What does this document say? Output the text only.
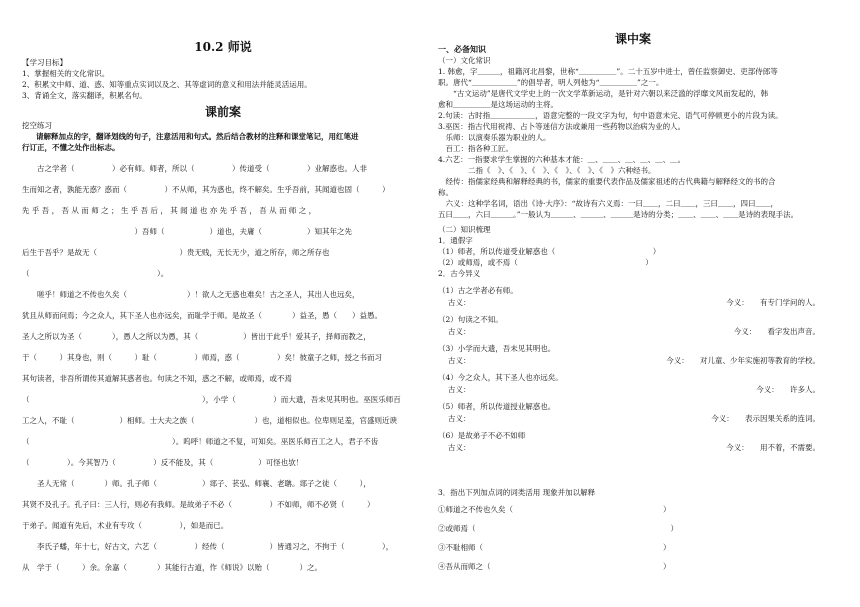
10.2 师说
【学习目标】
1、掌握相关的文化常识。
2、积累文中师、道、惑、知等重点实词以及之、其等虚词的意义和用法并能灵活运用。
3、背诵全文，落实翻译，积累名句。
课前案
挖空练习
请解释加点的字，翻译划线的句子，注意活用和句式。然后结合教材的注释和课堂笔记，用红笔进
行订正，不懂之处作出标志。
　　古之学者（　　　　　）必有师。师者，所以（　　　　　）传道受（　　　　　）业解惑也。人非
生而知之者，孰能无惑？惑而（　　　　　）不从师，其为惑也，终不解矣。生乎吾前，其闻道也固（　　　）
先 乎 吾 ， 吾 从 而 师 之 ； 生 乎 吾 后 ， 其 闻 道 也 亦 先 乎 吾 ， 吾 从 而 师 之 ，
　　　　　　　　　　　　　　　）吾师（　　　　　　）道也，夫庸（　　　　　　）知其年之先
后生于吾乎？是故无（　　　　　　　　　　　）贵无贱，无长无少，道之所存，师之所存也
（　　　　　　　　　　　　　　　　　）。
　　嗟乎！师道之不传也久矣（　　　　　　　　）！欲人之无惑也难矣！古之圣人，其出人也远矣，
犹且从师而问焉；今之众人，其下圣人也亦远矣，而耻学于师。是故圣（　　　　）益圣，愚（　　）益愚。
圣人之所以为圣（　　　　），愚人之所以为愚，其（　　　　　　）皆出于此乎！爱其子，择师而教之，
于（　　　）其身也，则（　　　）耻（　　　　　）师焉，惑（　　　　　）矣！彼童子之师，授之书而习
其句读者，非吾所谓传其道解其惑者也。句读之不知，惑之不解，或师焉，或不焉
（　　　　　　　　　　　　　　　　　　　　　　　），小学（　　　　　）而大遗，吾未见其明也。巫医乐师百
工之人，不耻（　　　　　　）相师。士大夫之族（　　　　　　　　）也，道相似也。位卑则足羞，官盛则近谀
（　　　　　　　　　　　　　　　　　　　）。呜呼！师道之不复，可知矣。巫医乐师百工之人，君子不齿
（　　　　　）。今其智乃（　　　　　）反不能及，其（　　　　　　）可怪也欤！
　　圣人无常（　　　　）师。孔子师（　　　　　　）郯子、苌弘、师襄、老聃。郯子之徒（　　　），
其贤不及孔子。孔子曰：三人行，则必有我师。是故弟子不必（　　　　　）不如师，师不必贤（　　　）
于弟子。闻道有先后，术业有专攻（　　　　　），如是而已。
　　李氏子蟠，年十七，好古文，六艺（　　　　　）经传（　　　　　　）皆通习之，不拘于（　　　　　），
从　学于（　　　）余。余嘉（　　　　）其能行古道，作《师说》以贻（　　　　）之。
课中案
一、必备知识
（一）文化常识
1. 韩愈，字＿＿＿，祖籍河北昌黎，世称“＿＿＿＿＿”。二十五岁中进士，曾任监察御史、吏部侍郎等
职。唐代“＿＿＿＿＿＿”的倡导者，明人列他为“＿＿＿＿＿”之一。
　　“古文运动”是唐代文学史上的一次文学革新运动，是针对六朝以来泛滥的浮靡文风而发起的，韩
愈和＿＿＿＿＿是这场运动的主将。
2.句读：古时指＿＿＿＿＿＿，语意完整的一段文字为句，句中语意未完、语气可停顿更小的片段为读。
3.巫医：指古代用祝祷、占卜等迷信方法或兼用一些药物以治病为业的人。
　乐师：以演奏乐器为职业的人。
　百工：指各种工匠。
4.六艺：一指要求学生掌握的六种基本才能：＿、＿＿、＿、＿、＿、＿。
　　　　二指《　》、《　》、《　》、《　》、《　》、《　》六种经书。
　经传：指儒家经典和解释经典的书，儒家的重要代表作品及儒家祖述的古代典籍与解释经文的书的合
称。
　六义：这种学名词，语出《诗·大序》：“故诗有六义焉：一曰＿＿，二曰＿＿，三曰＿＿，四曰＿＿，
五曰＿＿，六曰＿＿＿。”一般认为＿＿＿、＿＿＿、＿＿＿是诗的分类；＿＿、＿＿、＿＿是诗的表现手法。
（二）知识梳理
1．通假字
（1）师者，所以传道受业解惑也（　　　　　　　　　　　　　）
（2）或师焉，或不焉（　　　　　　　　　　　　　　　　　）
2．古今异义
（1）古之学者必有师。
古义：	今义：　　有专门学问的人。
（2）句读之不知。
古义：	今义：　　看字发出声音。
（3）小学而大遗，吾未见其明也。
古义：	今义：　　对儿童、少年实施初等教育的学校。
（4）今之众人，其下圣人也亦远矣。
古义：	今义：　　许多人。
（5）师者，所以传道授业解惑也。
古义：	今义：　　表示因果关系的连词。
（6）是故弟子不必不如师
古义：	今义：　　用不着，不需要。
3．指出下列加点词的词类活用 现象并加以解释
①师道之不传也久矣（　　　　　　　　　　　　　　　　　　　　）
②或师焉（　　　　　　　　　　　　　　　　　　　　　　　　　　）
③不耻相师（　　　　　　　　　　　　　　　　　　　　　　　　）
④吾从而师之（　　　　　　　　　　　　　　　　　　　　　　　）
